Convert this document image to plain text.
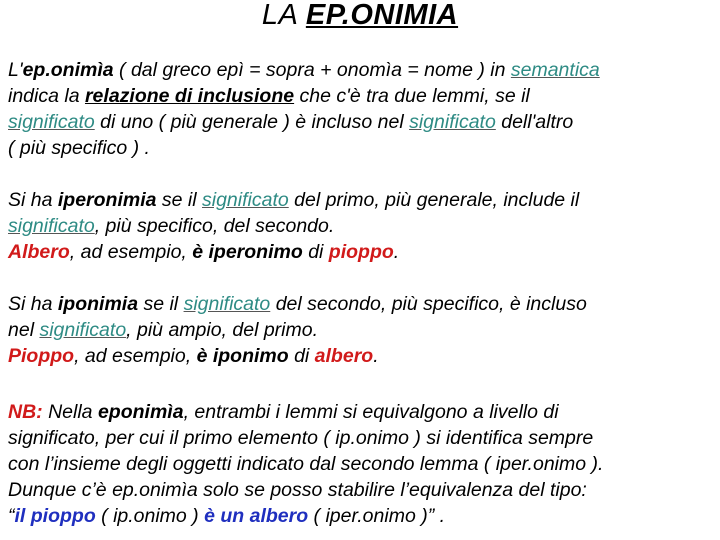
LA EP.ONIMIA
L'ep.onimìa ( dal greco epì = sopra + onomìa = nome ) in semantica
indica la relazione di inclusione che c'è tra due lemmi, se il
significato di uno ( più generale ) è incluso nel significato dell'altro
( più specifico ) .
Si ha iperonimia se il significato del primo, più generale, include il
significato, più specifico, del secondo.
Albero, ad esempio, è iperonimo di pioppo.
Si ha iponimia se il significato del secondo, più specifico, è incluso
nel significato, più ampio, del primo.
Pioppo, ad esempio, è iponimo di albero.
NB: Nella eponimìa, entrambi i lemmi si equivalgono a livello di
significato, per cui il primo elemento ( ip.onimo ) si identifica sempre
con l’insieme degli oggetti indicato dal secondo lemma ( iper.onimo ).
Dunque c’è ep.onimìa solo se posso stabilire l’equivalenza del tipo:
“il pioppo ( ip.onimo ) è un albero ( iper.onimo )” .
